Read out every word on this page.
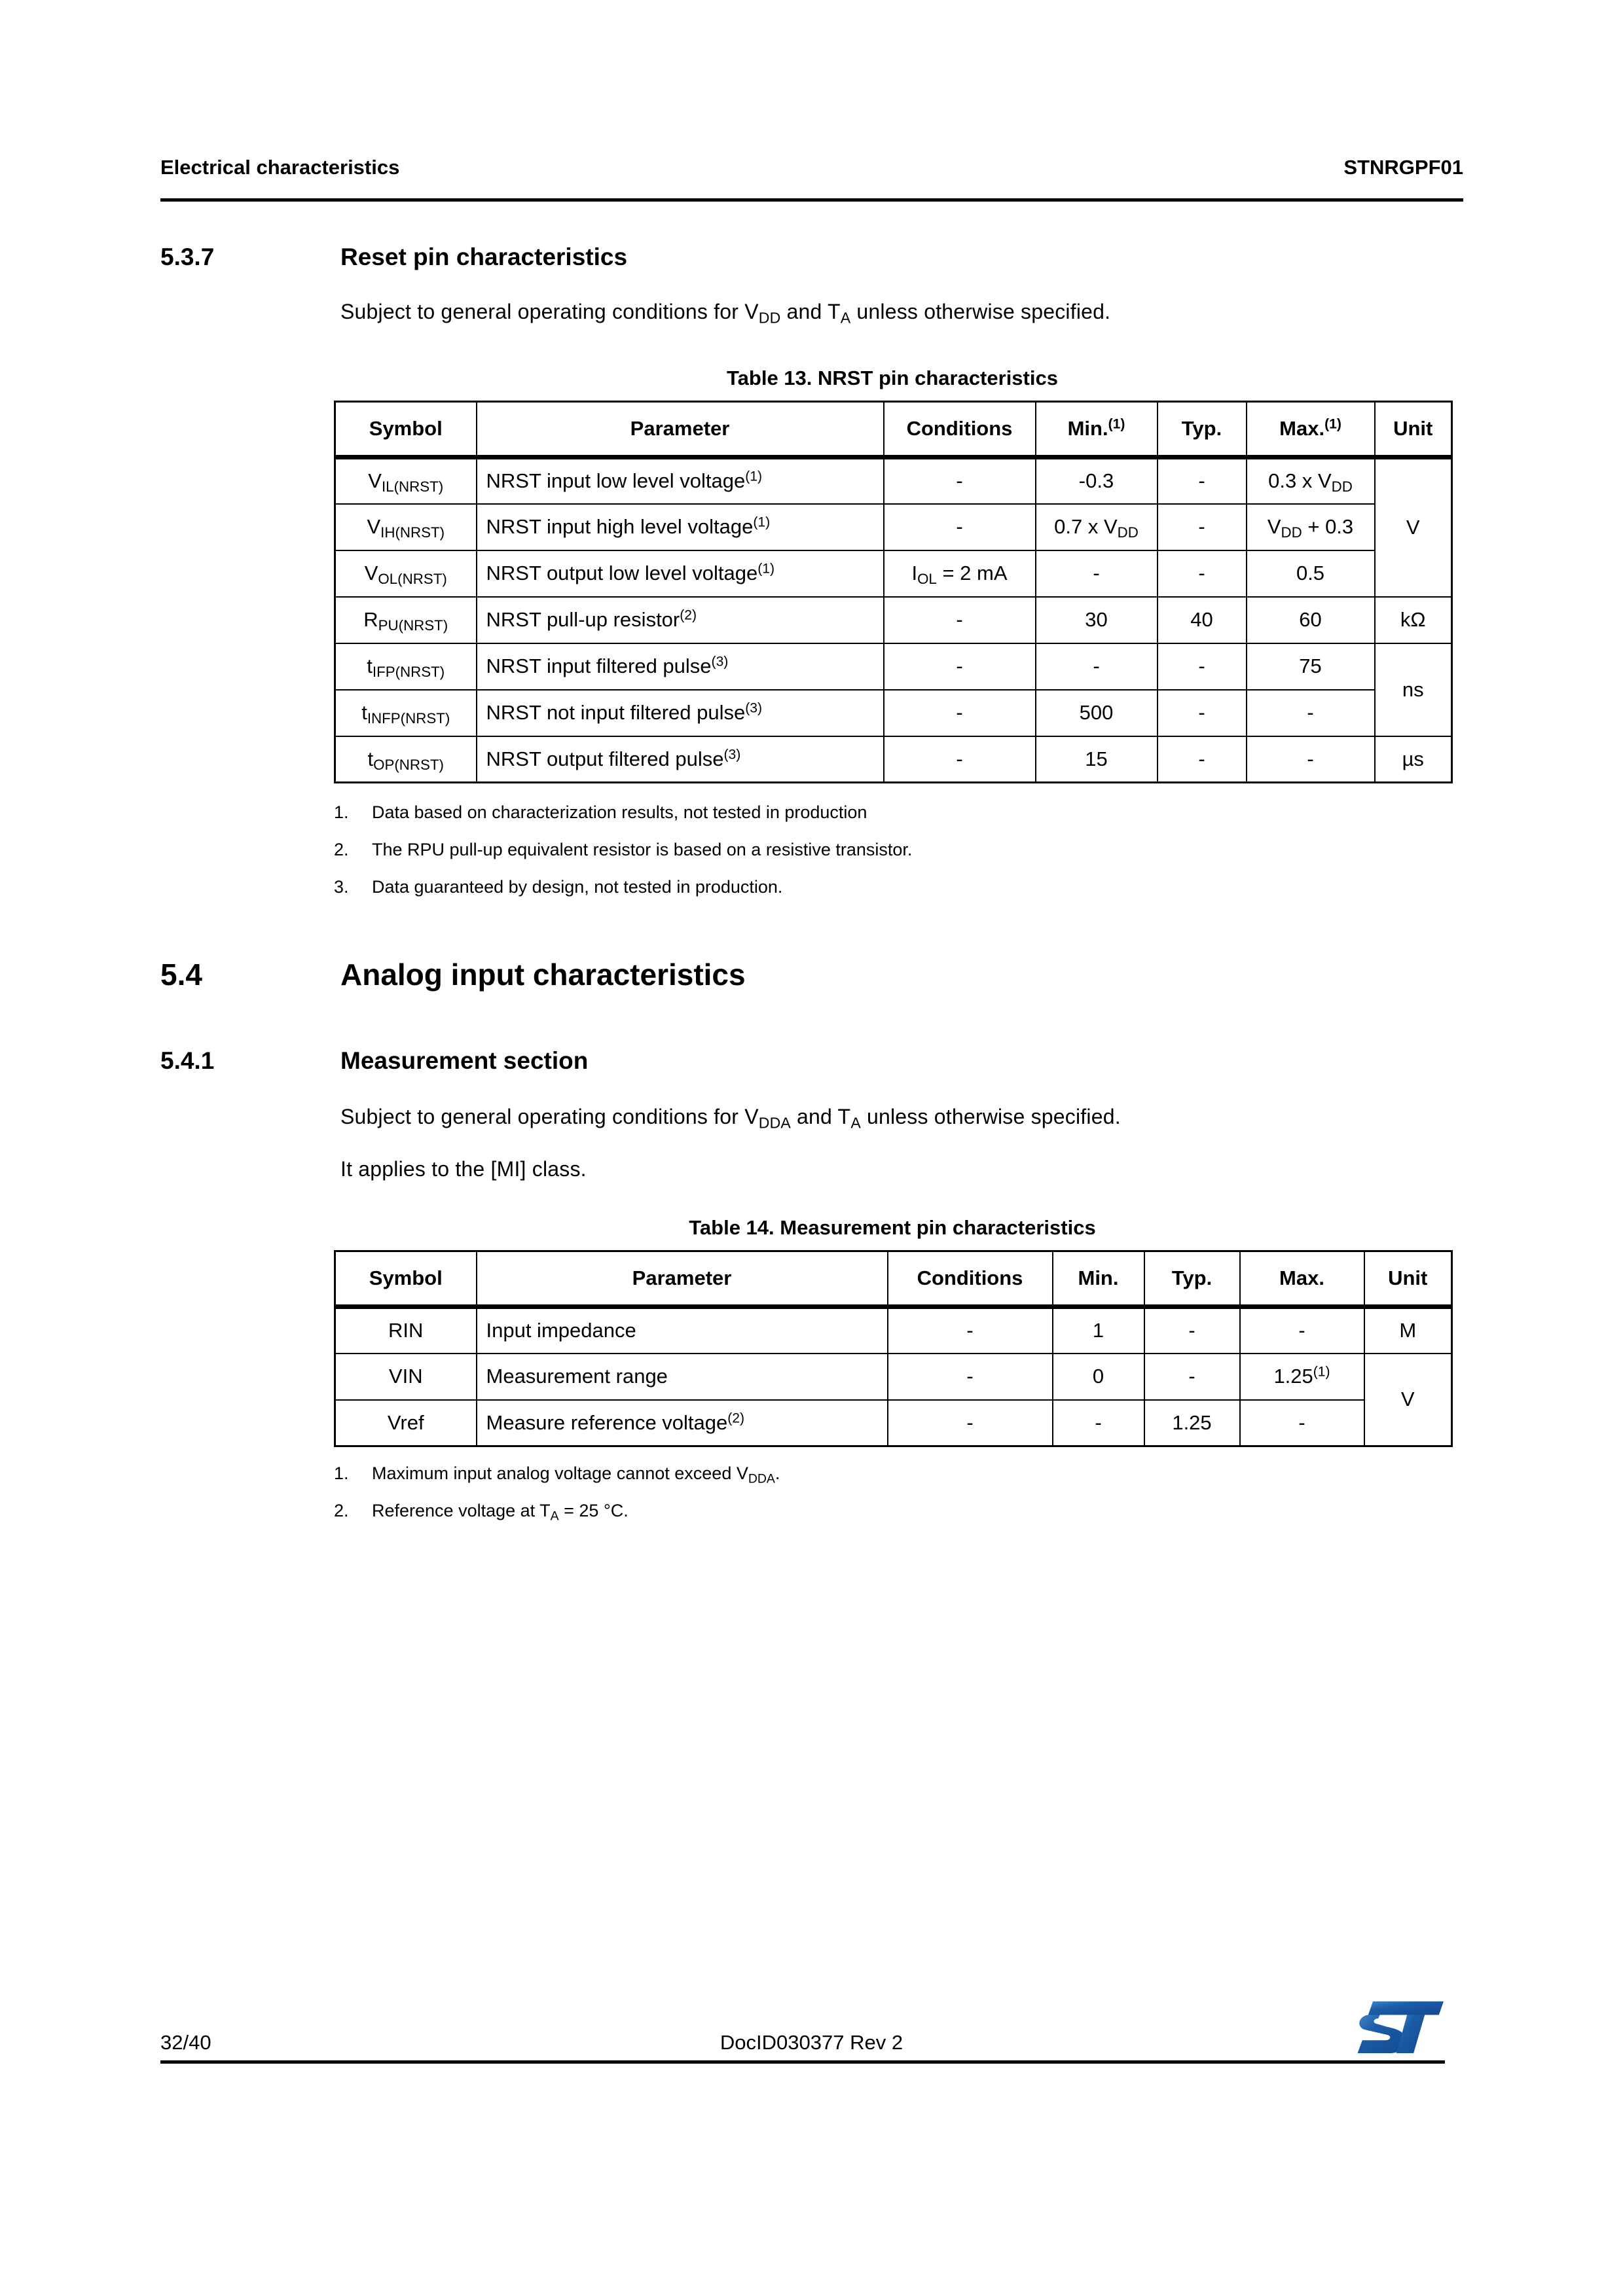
Electrical characteristics	STNRGPF01
5.3.7	Reset pin characteristics

Subject to general operating conditions for $V_{DD}$ and $T_A$ unless otherwise specified.

Table 13. NRST pin characteristics
Symbol	Parameter	Conditions	Min.$^{(1)}$	Typ.	Max.$^{(1)}$	Unit
$V_{IL(NRST)}$	NRST input low level voltage$^{(1)}$	-	-0.3	-	0.3 x $V_{DD}$	V
$V_{IH(NRST)}$	NRST input high level voltage$^{(1)}$	-	0.7 x $V_{DD}$	-	$V_{DD} + 0.3$	
$V_{OL(NRST)}$	NRST output low level voltage$^{(1)}$	$I_{OL} = 2$ mA	-	-	0.5	
$R_{PU(NRST)}$	NRST pull-up resistor$^{(2)}$	-	30	40	60	kΩ
$t_{IFP(NRST)}$	NRST input filtered pulse$^{(3)}$	-	-	-	75	ns
$t_{INFP(NRST)}$	NRST not input filtered pulse$^{(3)}$	-	500	-	-	
$t_{OP(NRST)}$	NRST output filtered pulse$^{(3)}$	-	15	-	-	µs
1.	Data based on characterization results, not tested in production
2.	The RPU pull-up equivalent resistor is based on a resistive transistor.
3.	Data guaranteed by design, not tested in production.
5.4	Analog input characteristics
5.4.1	Measurement section

Subject to general operating conditions for $V_{DDA}$ and $T_A$ unless otherwise specified.

It applies to the [MI] class.

Table 14. Measurement pin characteristics
Symbol	Parameter	Conditions	Min.	Typ.	Max.	Unit
RIN	Input impedance	-	1	-	-	M
VIN	Measurement range	-	0	-	1.25$^{(1)}$	V
Vref	Measure reference voltage$^{(2)}$	-	-	1.25	-	
1.	Maximum input analog voltage cannot exceed $V_{DDA}$.
2.	Reference voltage at $T_A = 25$ °C.
32/40	DocID030377 Rev 2
